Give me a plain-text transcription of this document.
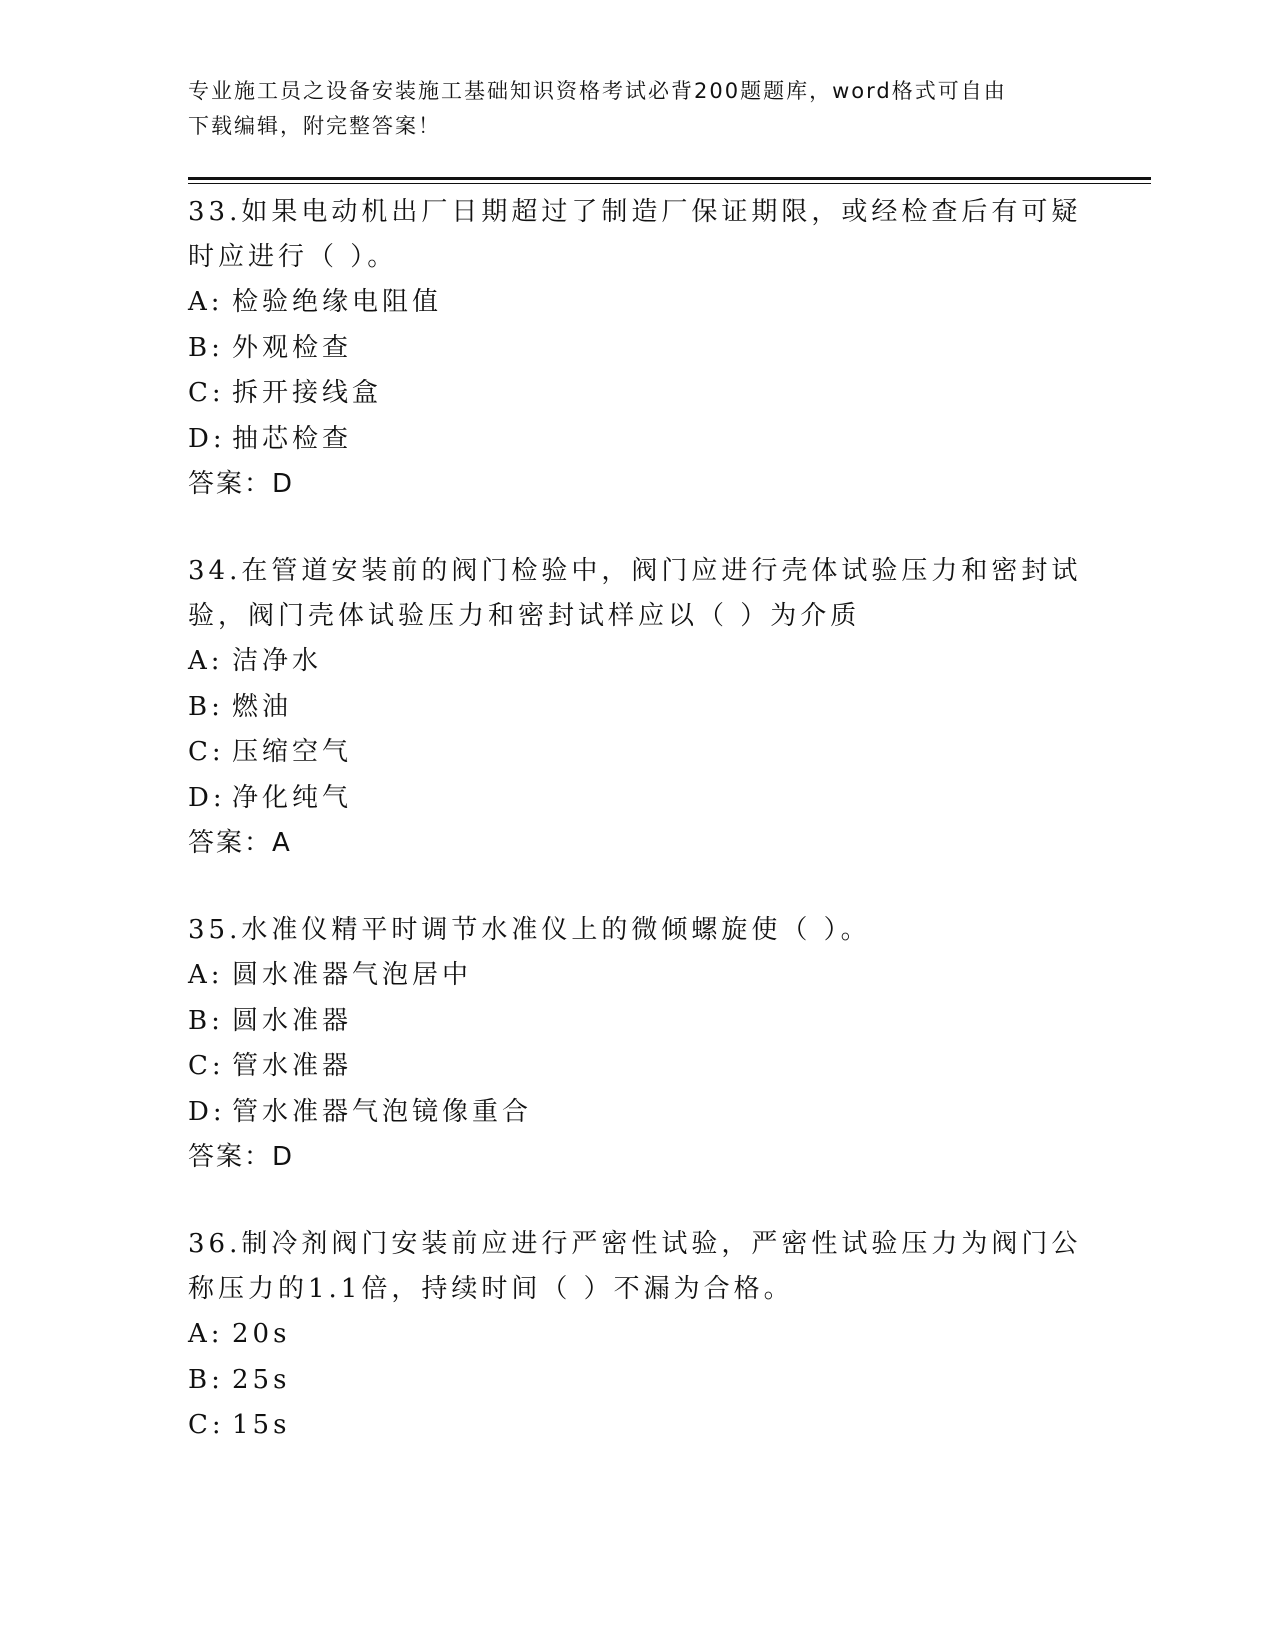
专业施工员之设备安装施工基础知识资格考试必背200题题库，word格式可自由
下载编辑，附完整答案！
33.如果电动机出厂日期超过了制造厂保证期限，或经检查后有可疑时应进行（ ）。
A: 检验绝缘电阻值
B: 外观检查
C: 拆开接线盒
D: 抽芯检查
答案：D
34.在管道安装前的阀门检验中，阀门应进行壳体试验压力和密封试验，阀门壳体试验压力和密封试样应以（ ）为介质
A: 洁净水
B: 燃油
C: 压缩空气
D: 净化纯气
答案：A
35.水准仪精平时调节水准仪上的微倾螺旋使（ ）。
A: 圆水准器气泡居中
B: 圆水准器
C: 管水准器
D: 管水准器气泡镜像重合
答案：D
36.制冷剂阀门安装前应进行严密性试验，严密性试验压力为阀门公称压力的1.1倍，持续时间（ ）不漏为合格。
A: 20s
B: 25s
C: 15s
